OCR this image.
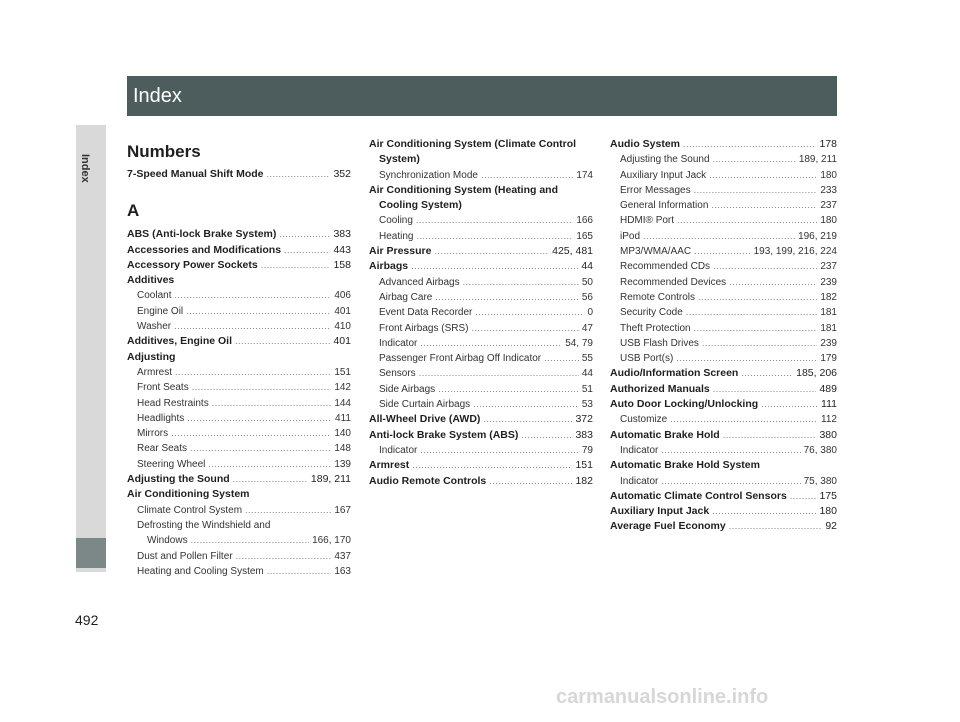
Index
Index
492
Numbers
7-Speed Manual Shift Mode .....	352
A
ABS (Anti-lock Brake System) .....	383
Accessories and Modifications .....	443
Accessory Power Sockets .....	158
Additives
Coolant .....	406
Engine Oil .....	401
Washer .....	410
Additives, Engine Oil .....	401
Adjusting
Armrest .....	151
Front Seats .....	142
Head Restraints .....	144
Headlights .....	411
Mirrors .....	140
Rear Seats .....	148
Steering Wheel .....	139
Adjusting the Sound .....	189, 211
Air Conditioning System
Climate Control System .....	167
Defrosting the Windshield and
Windows .....	166, 170
Dust and Pollen Filter .....	437
Heating and Cooling System .....	163
Air Conditioning System (Climate Control
System)
Synchronization Mode .....	174
Air Conditioning System (Heating and
Cooling System)
Cooling .....	166
Heating .....	165
Air Pressure .....	425, 481
Airbags .....	44
Advanced Airbags .....	50
Airbag Care .....	56
Event Data Recorder .....	0
Front Airbags (SRS) .....	47
Indicator .....	54, 79
Passenger Front Airbag Off Indicator .....	55
Sensors .....	44
Side Airbags .....	51
Side Curtain Airbags .....	53
All-Wheel Drive (AWD) .....	372
Anti-lock Brake System (ABS) .....	383
Indicator .....	79
Armrest .....	151
Audio Remote Controls .....	182
Audio System .....	178
Adjusting the Sound .....	189, 211
Auxiliary Input Jack .....	180
Error Messages .....	233
General Information .....	237
HDMI® Port .....	180
iPod .....	196, 219
MP3/WMA/AAC .....	193, 199, 216, 224
Recommended CDs .....	237
Recommended Devices .....	239
Remote Controls .....	182
Security Code .....	181
Theft Protection .....	181
USB Flash Drives .....	239
USB Port(s) .....	179
Audio/Information Screen .....	185, 206
Authorized Manuals .....	489
Auto Door Locking/Unlocking .....	111
Customize .....	112
Automatic Brake Hold .....	380
Indicator .....	76, 380
Automatic Brake Hold System
Indicator .....	75, 380
Automatic Climate Control Sensors .....	175
Auxiliary Input Jack .....	180
Average Fuel Economy .....	92
carmanualsonline.info
